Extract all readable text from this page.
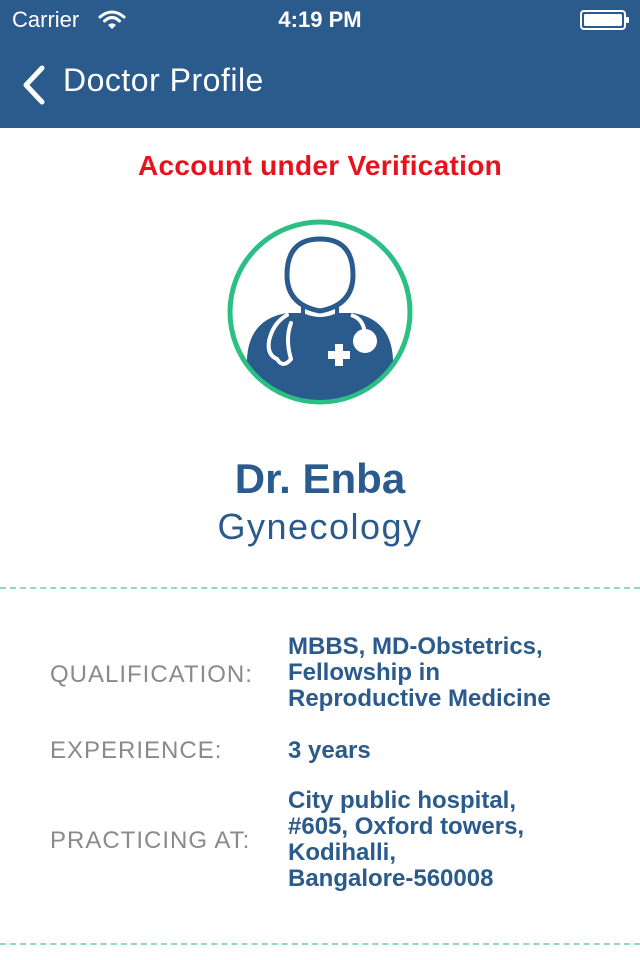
Carrier	4:19 PM
Doctor Profile
Account under Verification
Dr. Enba
Gynecology
QUALIFICATION:
MBBS, MD-Obstetrics,
Fellowship in
Reproductive Medicine
EXPERIENCE:	3 years
PRACTICING AT:
City public hospital,
#605, Oxford towers,
Kodihalli,
Bangalore-560008
